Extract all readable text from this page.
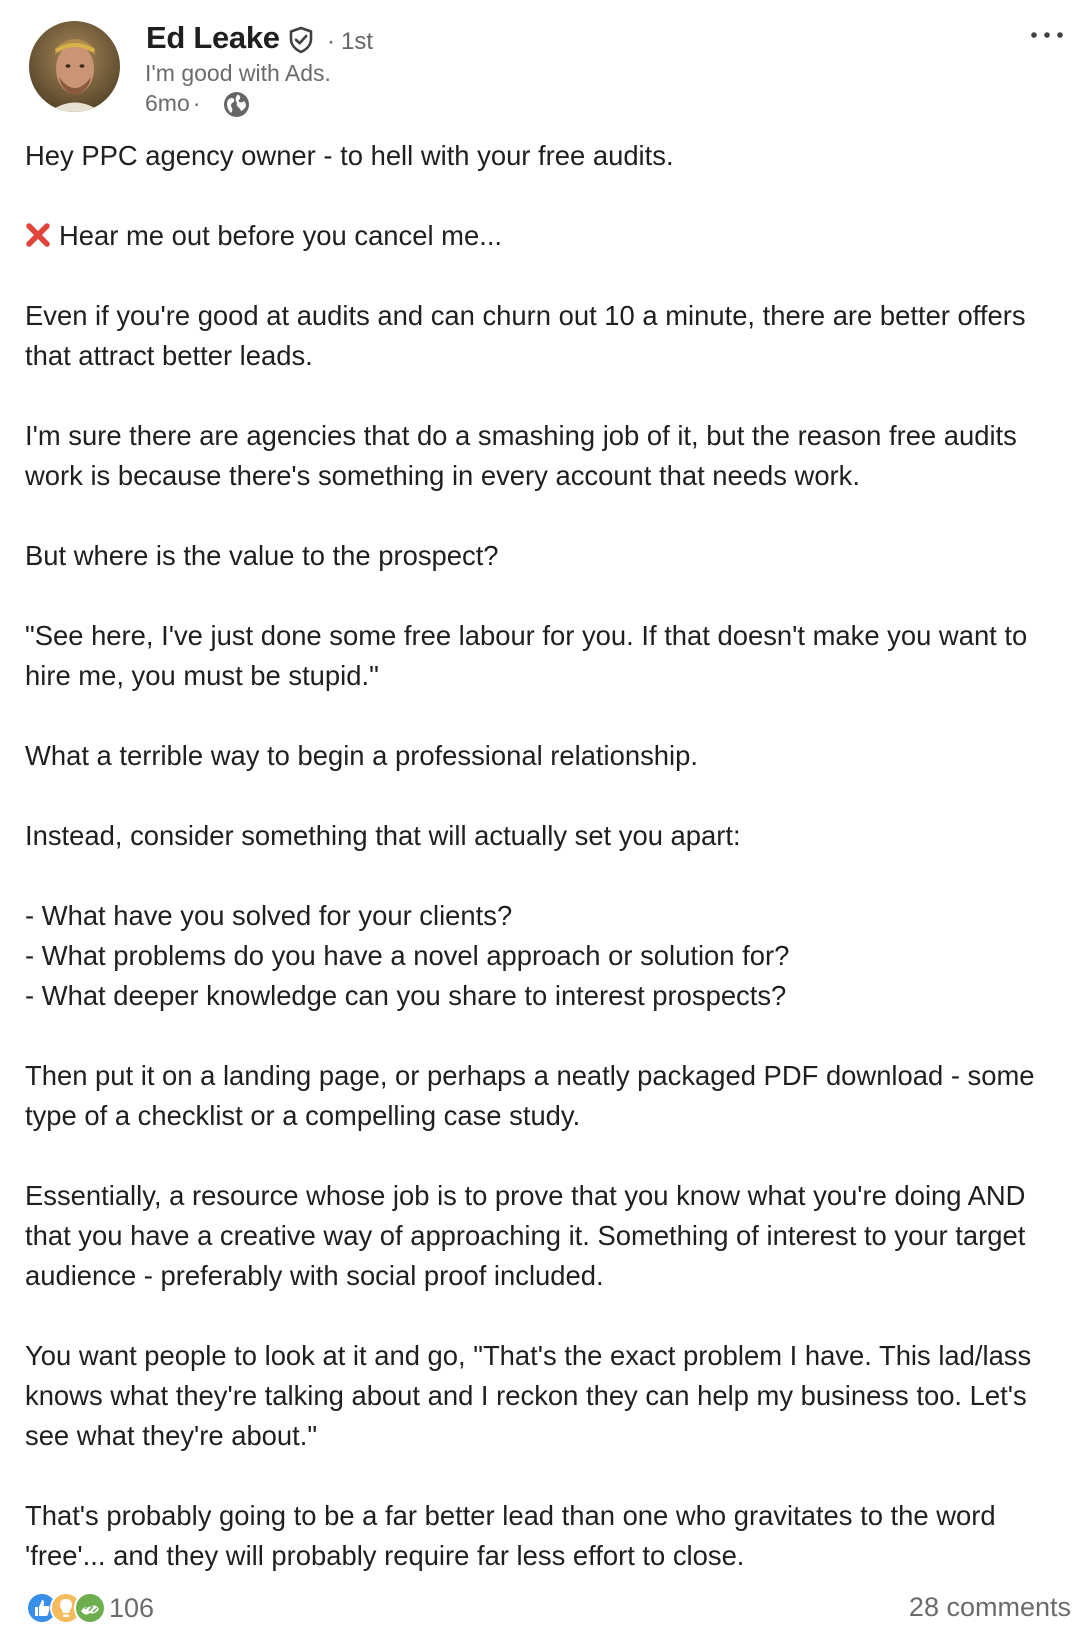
Ed Leake · 1st
I'm good with Ads.
6mo ·

Hey PPC agency owner - to hell with your free audits.

Hear me out before you cancel me...

Even if you're good at audits and can churn out 10 a minute, there are better offers that attract better leads.

I'm sure there are agencies that do a smashing job of it, but the reason free audits work is because there's something in every account that needs work.

But where is the value to the prospect?

"See here, I've just done some free labour for you. If that doesn't make you want to hire me, you must be stupid."

What a terrible way to begin a professional relationship.

Instead, consider something that will actually set you apart:

- What have you solved for your clients?

- What problems do you have a novel approach or solution for?

- What deeper knowledge can you share to interest prospects?

Then put it on a landing page, or perhaps a neatly packaged PDF download - some type of a checklist or a compelling case study.

Essentially, a resource whose job is to prove that you know what you're doing AND that you have a creative way of approaching it. Something of interest to your target audience - preferably with social proof included.

You want people to look at it and go, "That's the exact problem I have. This lad/lass knows what they're talking about and I reckon they can help my business too. Let's see what they're about."

That's probably going to be a far better lead than one who gravitates to the word 'free'... and they will probably require far less effort to close.

106	28 comments
